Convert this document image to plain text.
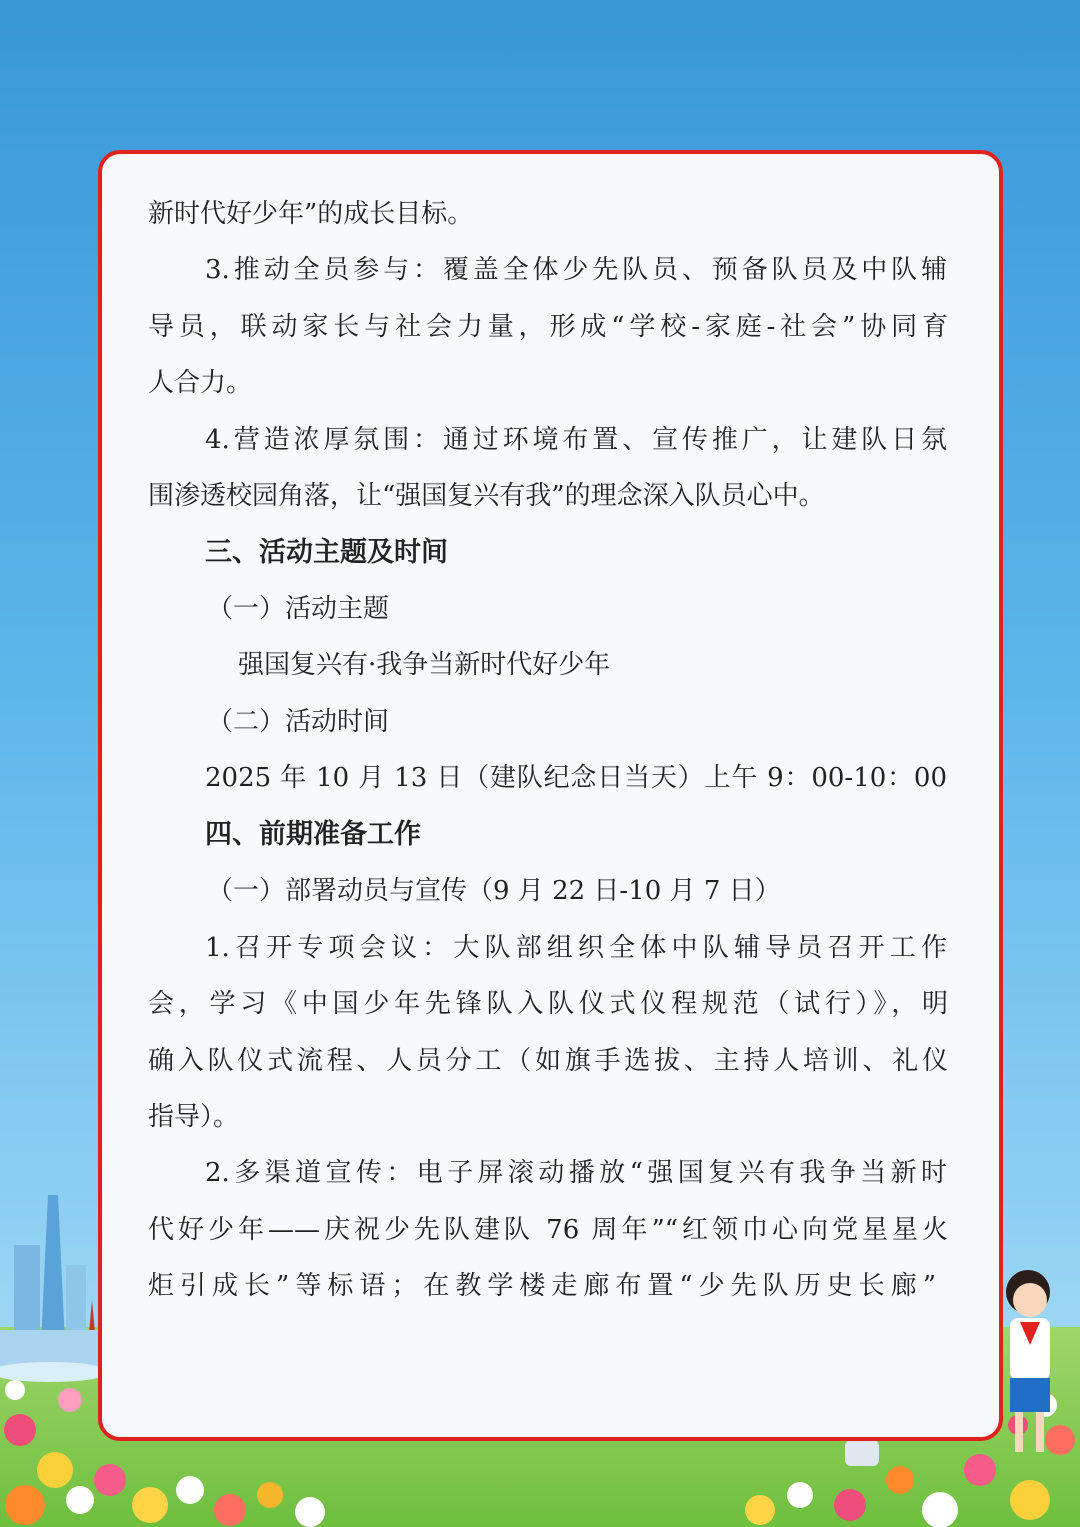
新时代好少年”的成长目标。
3.推动全员参与：覆盖全体少先队员、预备队员及中队辅
导员，联动家长与社会力量，形成“学校-家庭-社会”协同育
人合力。
4.营造浓厚氛围：通过环境布置、宣传推广，让建队日氛
围渗透校园角落，让“强国复兴有我”的理念深入队员心中。
三、活动主题及时间
（一）活动主题
强国复兴有·我争当新时代好少年
（二）活动时间
2025 年 10 月 13 日（建队纪念日当天）上午 9：00-10：00
四、前期准备工作
（一）部署动员与宣传（9 月 22 日-10 月 7 日）
1.召开专项会议：大队部组织全体中队辅导员召开工作
会，学习《中国少年先锋队入队仪式仪程规范（试行）》，明
确入队仪式流程、人员分工（如旗手选拔、主持人培训、礼仪
指导）。
2.多渠道宣传：电子屏滚动播放“强国复兴有我争当新时
代好少年——庆祝少先队建队 76 周年”“红领巾心向党星星火
炬引成长”等标语；在教学楼走廊布置“少先队历史长廊”
